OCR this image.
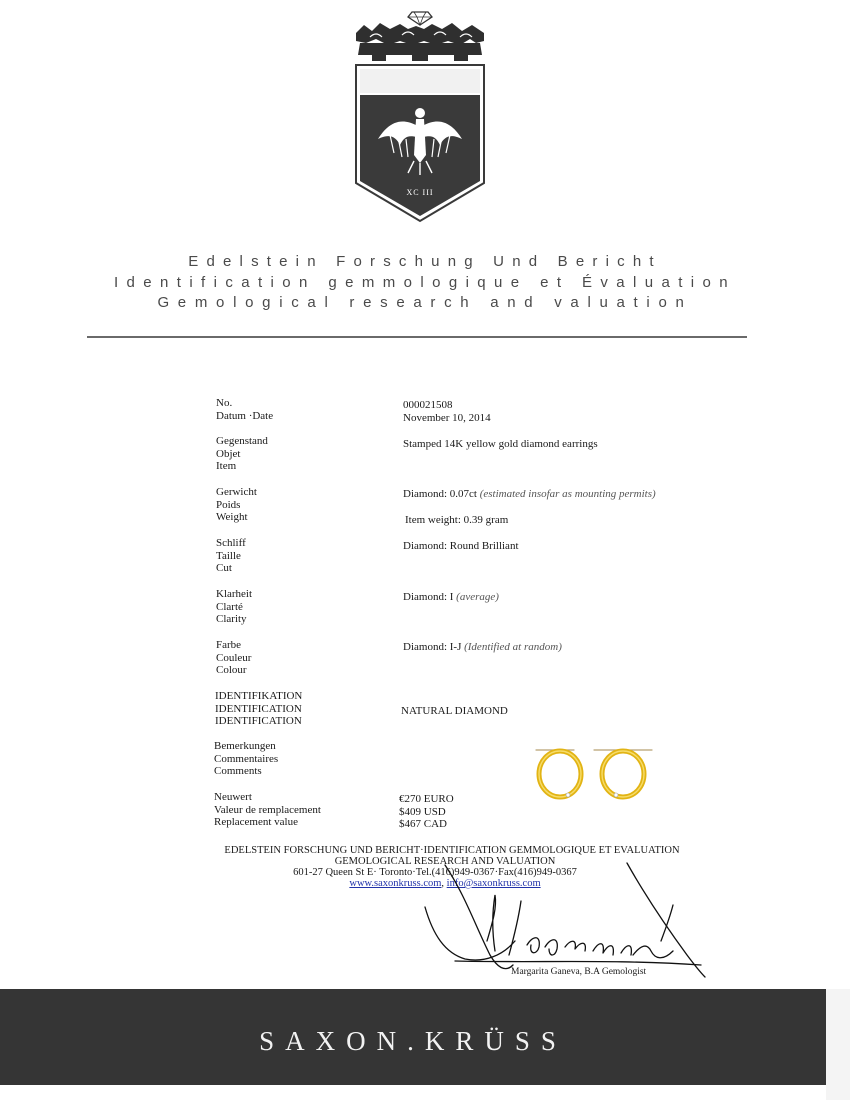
XC III
Edelstein Forschung Und Bericht
Identification gemmologique et Évaluation
Gemological research and valuation
No.
Datum ·Date
000021508
November 10, 2014
Gegenstand
Objet
Item
Stamped 14K yellow gold diamond earrings
Gerwicht
Poids
Weight
Diamond: 0.07ct (estimated insofar as mounting permits)
Item weight: 0.39 gram
Schliff
Taille
Cut
Diamond: Round Brilliant
Klarheit
Clarté
Clarity
Diamond: I (average)
Farbe
Couleur
Colour
Diamond: I-J (Identified at random)
IDENTIFIKATION
IDENTIFICATION
IDENTIFICATION
NATURAL DIAMOND
Bemerkungen
Commentaires
Comments
Neuwert
Valeur de remplacement
Replacement value
€270 EURO
$409 USD
$467 CAD
EDELSTEIN FORSCHUNG UND BERICHT·IDENTIFICATION GEMMOLOGIQUE ET EVALUATION
GEMOLOGICAL RESEARCH AND VALUATION
601-27 Queen St E· Toronto·Tel.(416)949-0367·Fax(416)949-0367
www.saxonkruss.com, info@saxonkruss.com
Margarita Ganeva, B.A Gemologist
SAXON.KRÜSS
